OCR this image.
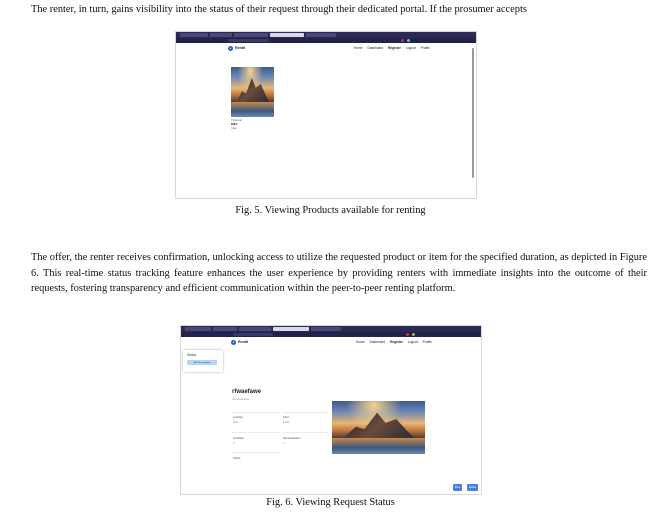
The renter, in turn, gains visibility into the status of their request through their dedicated portal. If the prosumer accepts

● Rentit	Home Dashboard Register Logout Profile
Prosumer
$28.5
/ day
Fig. 5. Viewing Products available for renting

The offer, the renter receives confirmation, unlocking access to utilize the requested product or item for the specified duration, as depicted in Figure 6. This real-time status tracking feature enhances the user experience by providing renters with immediate insights into the outcome of their requests, fostering transparency and efficient communication within the peer-to-peer renting platform.

● Rentit	Home Dashboard Register Logout Profile
Status
Rent this product
rfwaefawe
rfwaefawefawe
Location
Pune
Price
$ 400
Condition
A
Rental duration
1
Phone
Rent	Delete
Fig. 6. Viewing Request Status
